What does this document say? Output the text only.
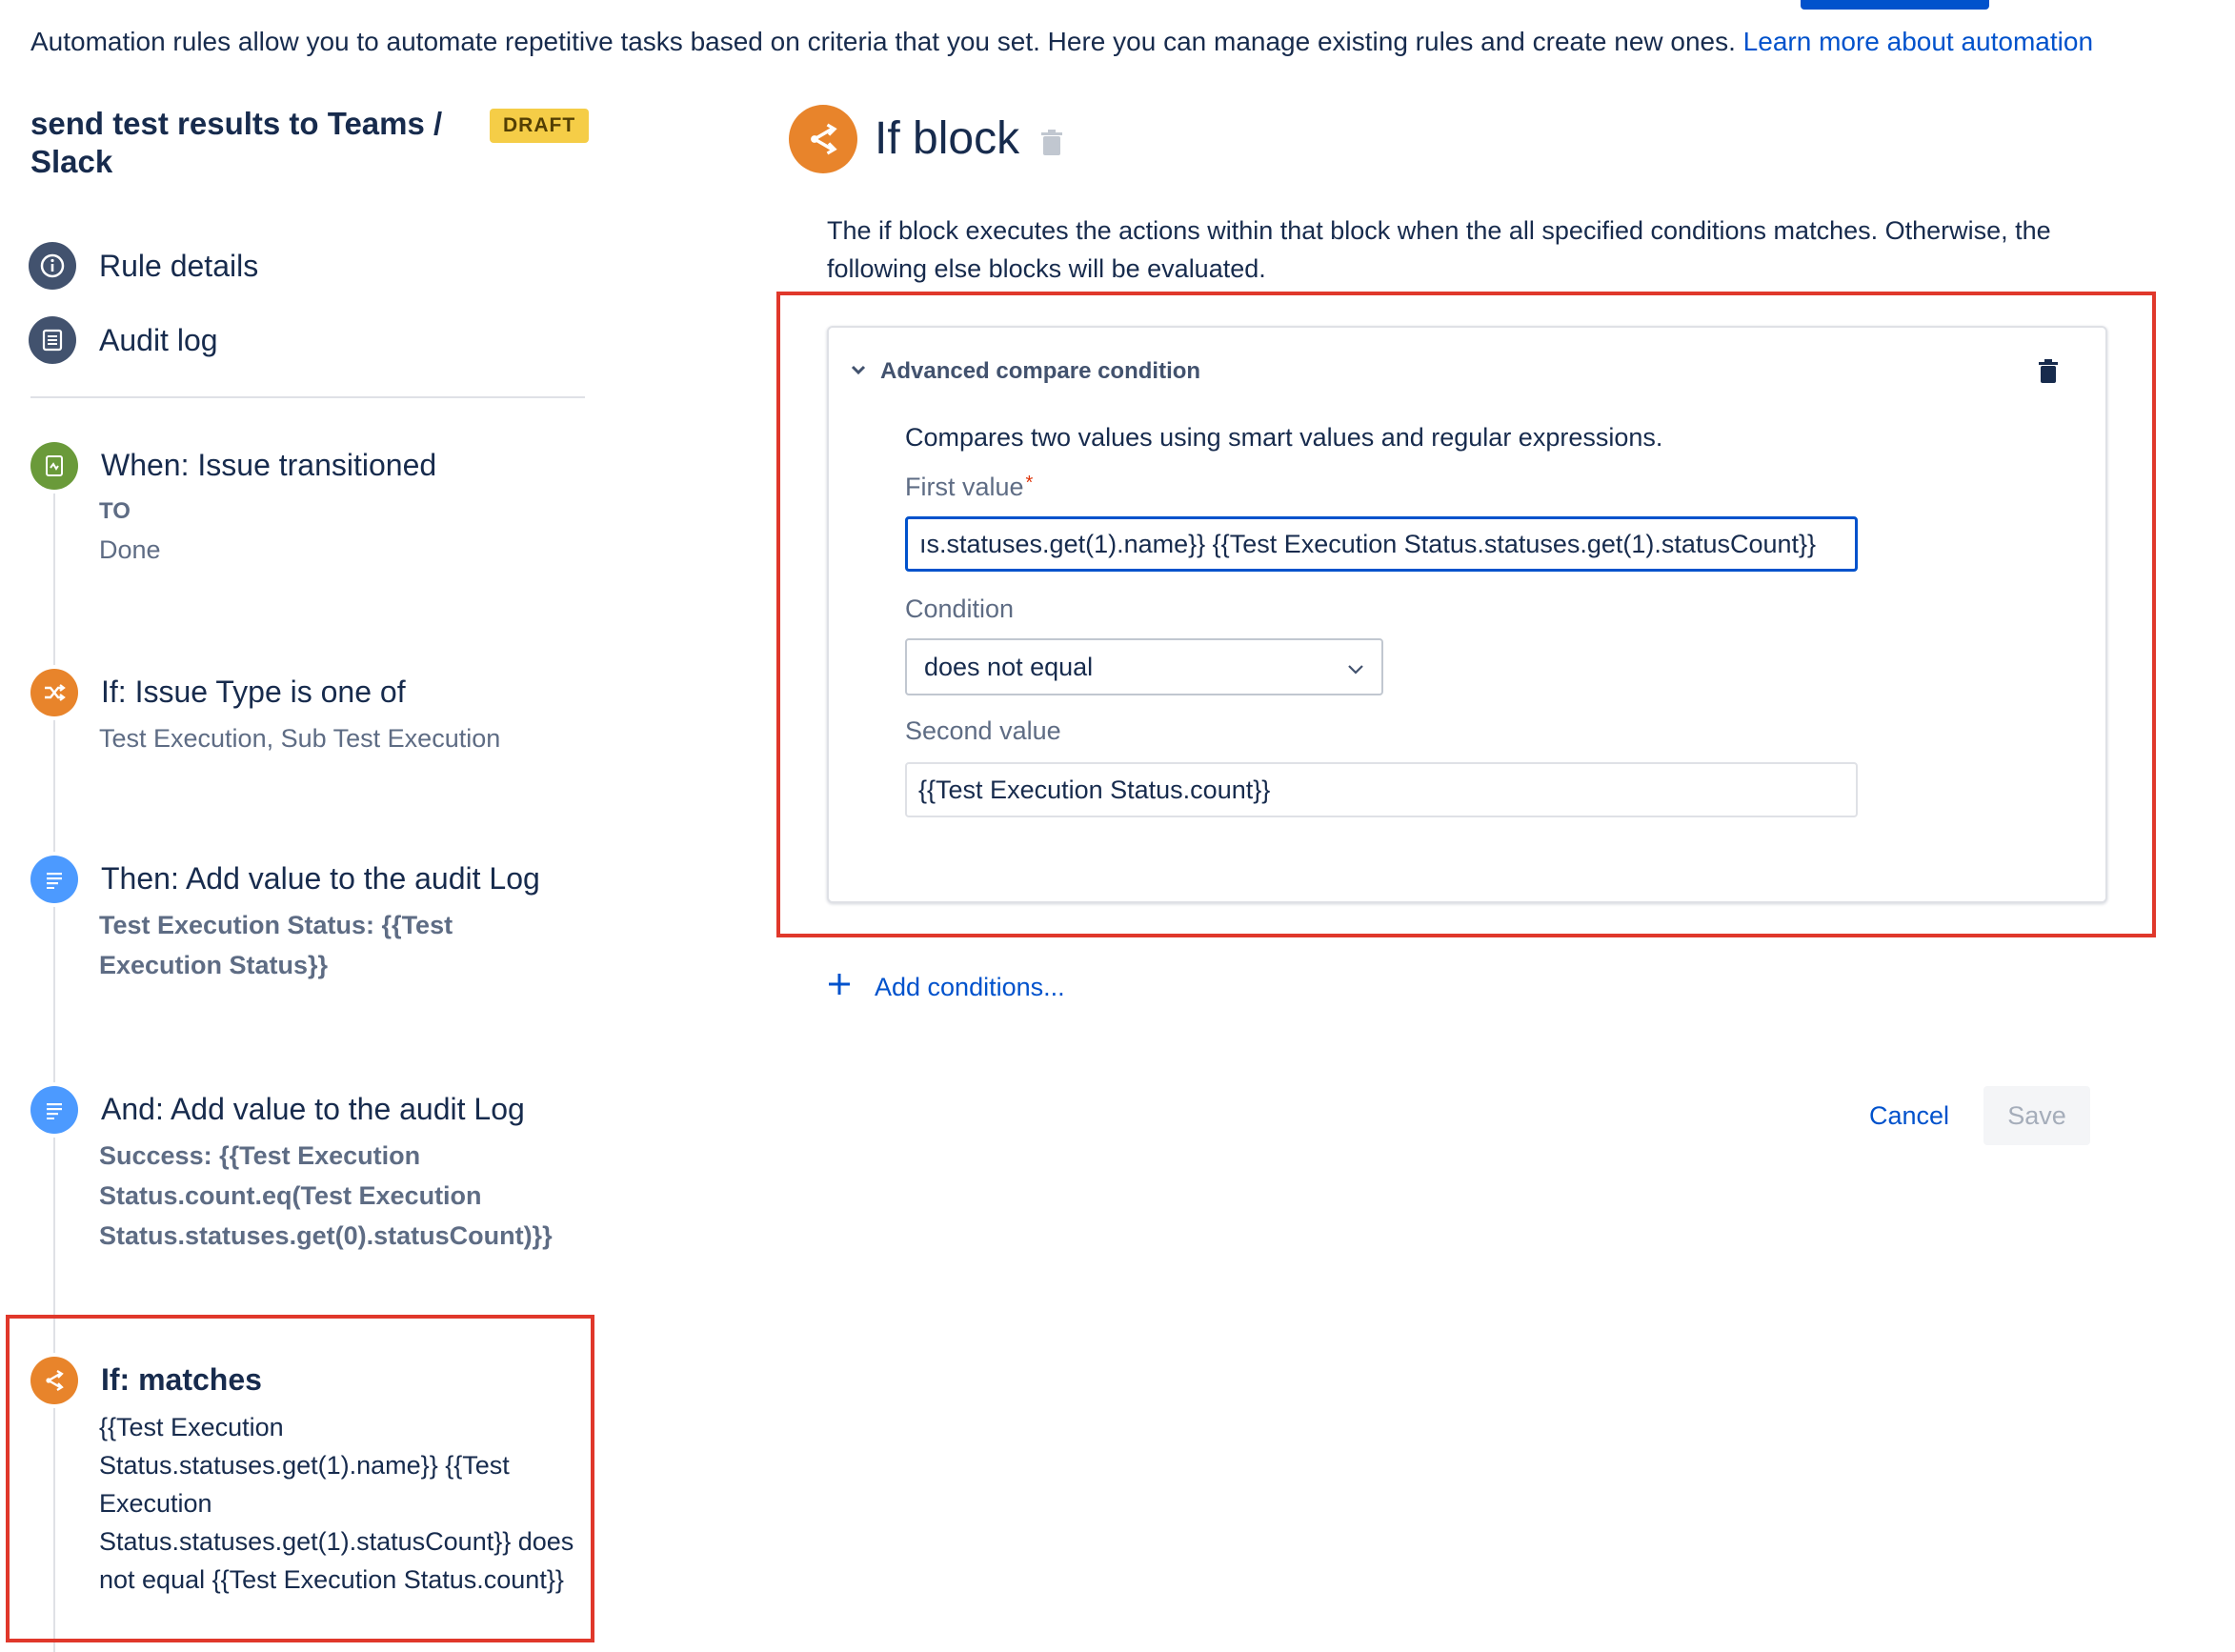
Automation rules allow you to automate repetitive tasks based on criteria that you set. Here you can manage existing rules and create new ones. Learn more about automation
send test results to Teams / Slack
DRAFT
Rule details
Audit log
When: Issue transitioned
TO
Done
If: Issue Type is one of
Test Execution, Sub Test Execution
Then: Add value to the audit Log
Test Execution Status: {{Test Execution Status}}
And: Add value to the audit Log
Success: {{Test Execution Status.count.eq(Test Execution Status.statuses.get(0).statusCount)}}
If: matches
{{Test Execution Status.statuses.get(1).name}} {{Test Execution Status.statuses.get(1).statusCount}} does not equal {{Test Execution Status.count}}
If block
The if block executes the actions within that block when the all specified conditions matches. Otherwise, the following else blocks will be evaluated.
Advanced compare condition
Compares two values using smart values and regular expressions.
First value *
ıs.statuses.get(1).name}} {{Test Execution Status.statuses.get(1).statusCount}}
Condition
does not equal
Second value
{{Test Execution Status.count}}
Add conditions...
Cancel	Save
